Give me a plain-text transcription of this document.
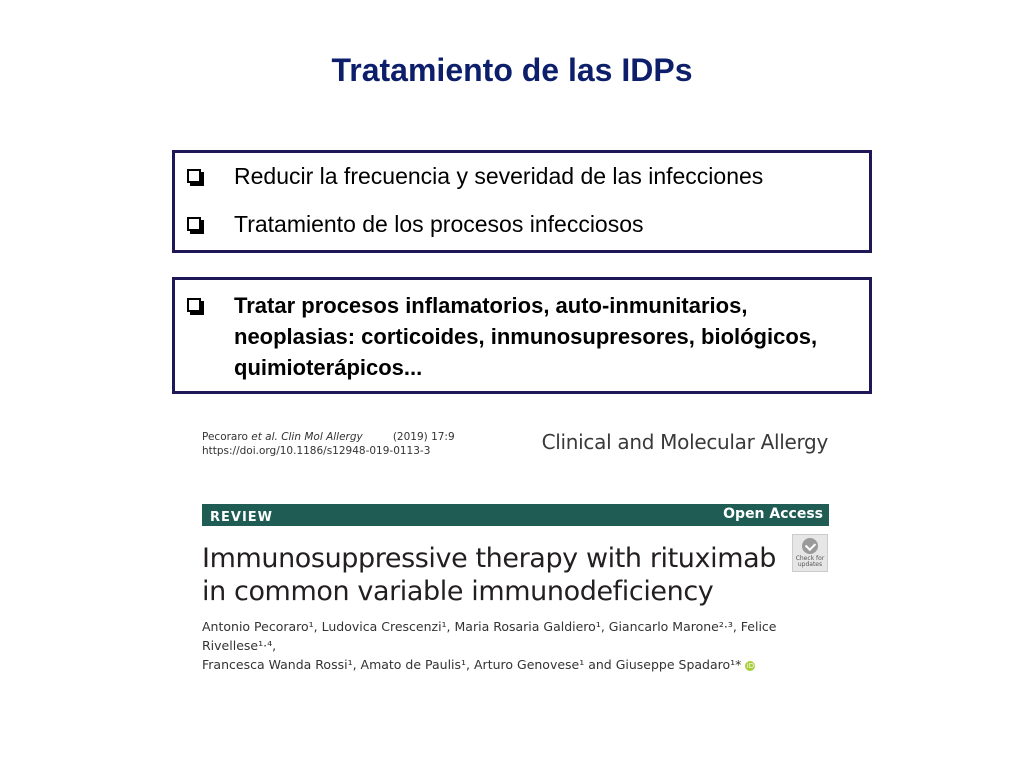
Tratamiento de las IDPs
Reducir la frecuencia y severidad de las infecciones
Tratamiento de los procesos infecciosos
Tratar procesos inflamatorios, auto-inmunitarios, neoplasias: corticoides, inmunosupresores, biológicos, quimioterápicos...
Pecoraro et al. Clin Mol Allergy	(2019) 17:9
https://doi.org/10.1186/s12948-019-0113-3	Clinical and Molecular Allergy
REVIEW	Open Access
Check for updates
Immunosuppressive therapy with rituximab in common variable immunodeficiency
Antonio Pecoraro¹, Ludovica Crescenzi¹, Maria Rosaria Galdiero¹, Giancarlo Marone²·³, Felice Rivellese¹·⁴,
Francesca Wanda Rossi¹, Amato de Paulis¹, Arturo Genovese¹ and Giuseppe Spadaro¹* iD
